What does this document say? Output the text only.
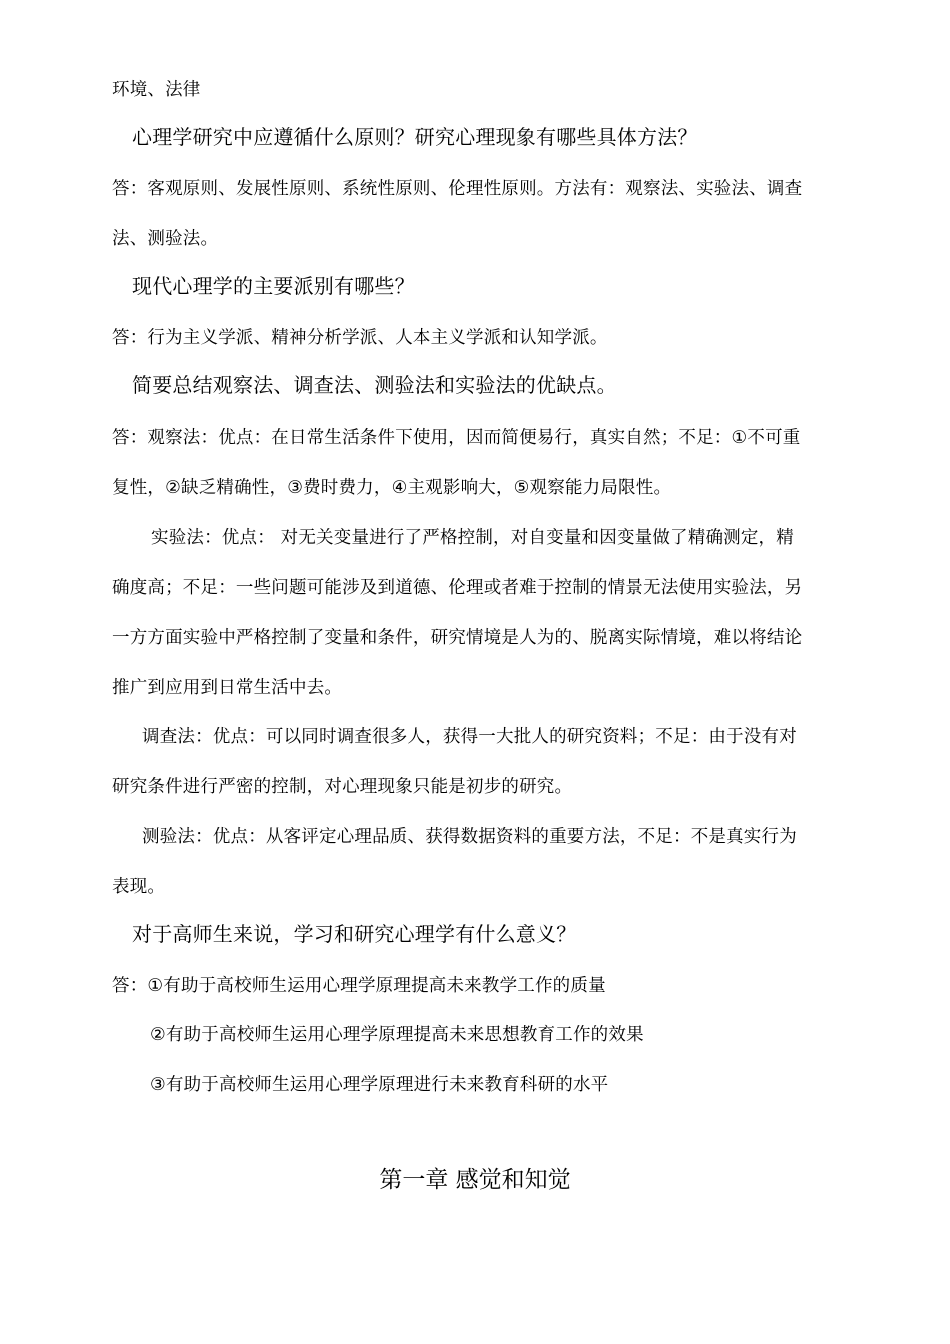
环境、法律
心理学研究中应遵循什么原则？研究心理现象有哪些具体方法？
答：客观原则、发展性原则、系统性原则、伦理性原则。方法有：观察法、实验法、调查
法、测验法。
现代心理学的主要派别有哪些？
答：行为主义学派、精神分析学派、人本主义学派和认知学派。
简要总结观察法、调查法、测验法和实验法的优缺点。
答：观察法：优点：在日常生活条件下使用，因而简便易行，真实自然；不足：①不可重
复性，②缺乏精确性，③费时费力，④主观影响大，⑤观察能力局限性。
实验法：优点： 对无关变量进行了严格控制，对自变量和因变量做了精确测定，精
确度高；不足：一些问题可能涉及到道德、伦理或者难于控制的情景无法使用实验法，另
一方方面实验中严格控制了变量和条件，研究情境是人为的、脱离实际情境，难以将结论
推广到应用到日常生活中去。
调查法：优点：可以同时调查很多人，获得一大批人的研究资料；不足：由于没有对
研究条件进行严密的控制，对心理现象只能是初步的研究。
测验法：优点：从客评定心理品质、获得数据资料的重要方法，不足：不是真实行为
表现。
对于高师生来说，学习和研究心理学有什么意义？
答：①有助于高校师生运用心理学原理提高未来教学工作的质量
②有助于高校师生运用心理学原理提高未来思想教育工作的效果
③有助于高校师生运用心理学原理进行未来教育科研的水平
第一章 感觉和知觉
